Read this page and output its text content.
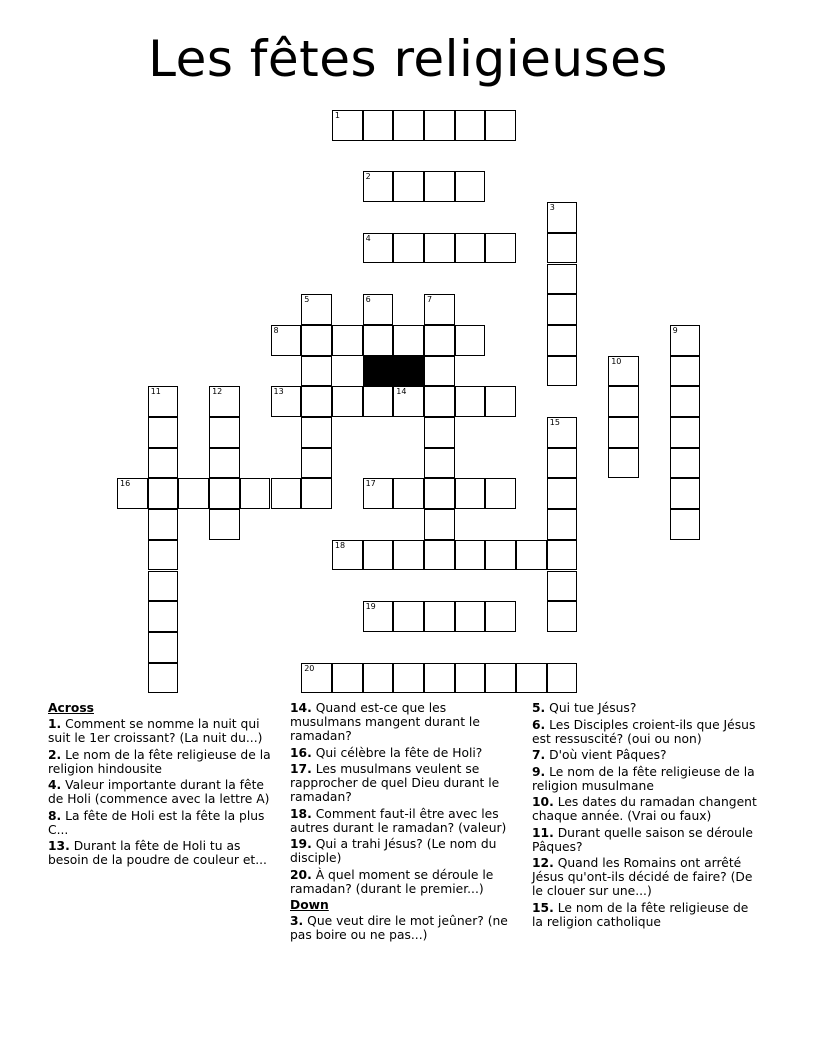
Les fêtes religieuses
1
2
3
4
5	6	7
8	9
10
11	12	13	14
15
16	17
18
19
20
Across
1. Comment se nomme la nuit qui suit le 1er croissant? (La nuit du...)
2. Le nom de la fête religieuse de la religion hindousite
4. Valeur importante durant la fête de Holi (commence avec la lettre A)
8. La fête de Holi est la fête la plus C...
13. Durant la fête de Holi tu as besoin de la poudre de couleur et...
14. Quand est-ce que les musulmans mangent durant le ramadan?
16. Qui célèbre la fête de Holi?
17. Les musulmans veulent se rapprocher de quel Dieu durant le ramadan?
18. Comment faut-il être avec les autres durant le ramadan? (valeur)
19. Qui a trahi Jésus? (Le nom du disciple)
20. À quel moment se déroule le ramadan? (durant le premier...)
Down
3. Que veut dire le mot jeûner? (ne pas boire ou ne pas...)
5. Qui tue Jésus?
6. Les Disciples croient-ils que Jésus est ressuscité? (oui ou non)
7. D'où vient Pâques?
9. Le nom de la fête religieuse de la religion musulmane
10. Les dates du ramadan changent chaque année. (Vrai ou faux)
11. Durant quelle saison se déroule Pâques?
12. Quand les Romains ont arrêté Jésus qu'ont-ils décidé de faire? (De le clouer sur une...)
15. Le nom de la fête religieuse de la religion catholique
